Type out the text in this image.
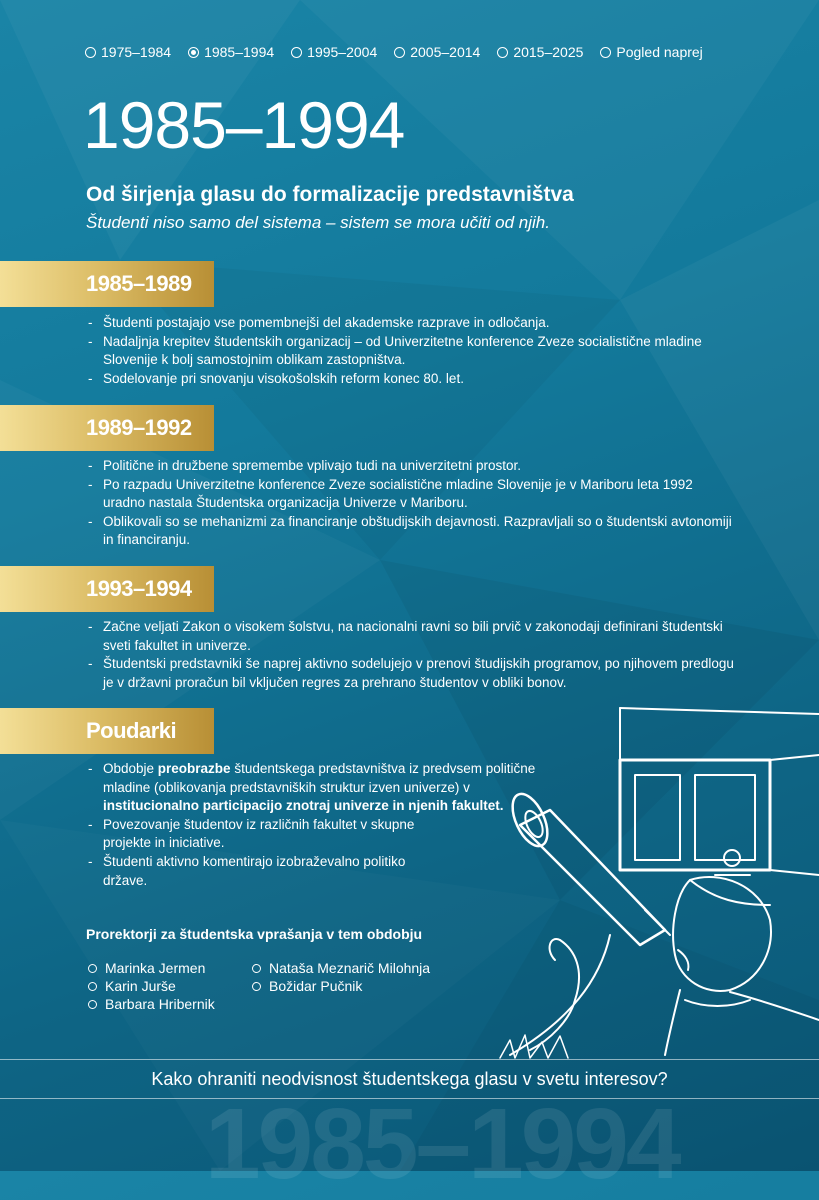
1975–1984 1985–1994 1995–2004 2005–2014 2015–2025 Pogled naprej
1985–1994
Od širjenja glasu do formalizacije predstavništva
Študenti niso samo del sistema – sistem se mora učiti od njih.
1985–1989
- Študenti postajajo vse pomembnejši del akademske razprave in odločanja.
- Nadaljnja krepitev študentskih organizacij – od Univerzitetne konference Zveze socialistične mladine Slovenije k bolj samostojnim oblikam zastopništva.
- Sodelovanje pri snovanju visokošolskih reform konec 80. let.
1989–1992
- Politične in družbene spremembe vplivajo tudi na univerzitetni prostor.
- Po razpadu Univerzitetne konference Zveze socialistične mladine Slovenije je v Mariboru leta 1992 uradno nastala Študentska organizacija Univerze v Mariboru.
- Oblikovali so se mehanizmi za financiranje obštudijskih dejavnosti. Razpravljali so o študentski avtonomiji in financiranju.
1993–1994
- Začne veljati Zakon o visokem šolstvu, na nacionalni ravni so bili prvič v zakonodaji definirani študentski sveti fakultet in univerze.
- Študentski predstavniki še naprej aktivno sodelujejo v prenovi študijskih programov, po njihovem predlogu je v državni proračun bil vključen regres za prehrano študentov v obliki bonov.
Poudarki
- Obdobje preobrazbe študentskega predstavništva iz predvsem politične mladine (oblikovanja predstavniških struktur izven univerze) v institucionalno participacijo znotraj univerze in njenih fakultet.
- Povezovanje študentov iz različnih fakultet v skupne projekte in iniciative.
- Študenti aktivno komentirajo izobraževalno politiko države.
Prorektorji za študentska vprašanja v tem obdobju
Marinka Jermen
Karin Jurše
Barbara Hribernik
Nataša Meznarič Milohnja
Božidar Pučnik
Kako ohraniti neodvisnost študentskega glasu v svetu interesov?
1985–1994
